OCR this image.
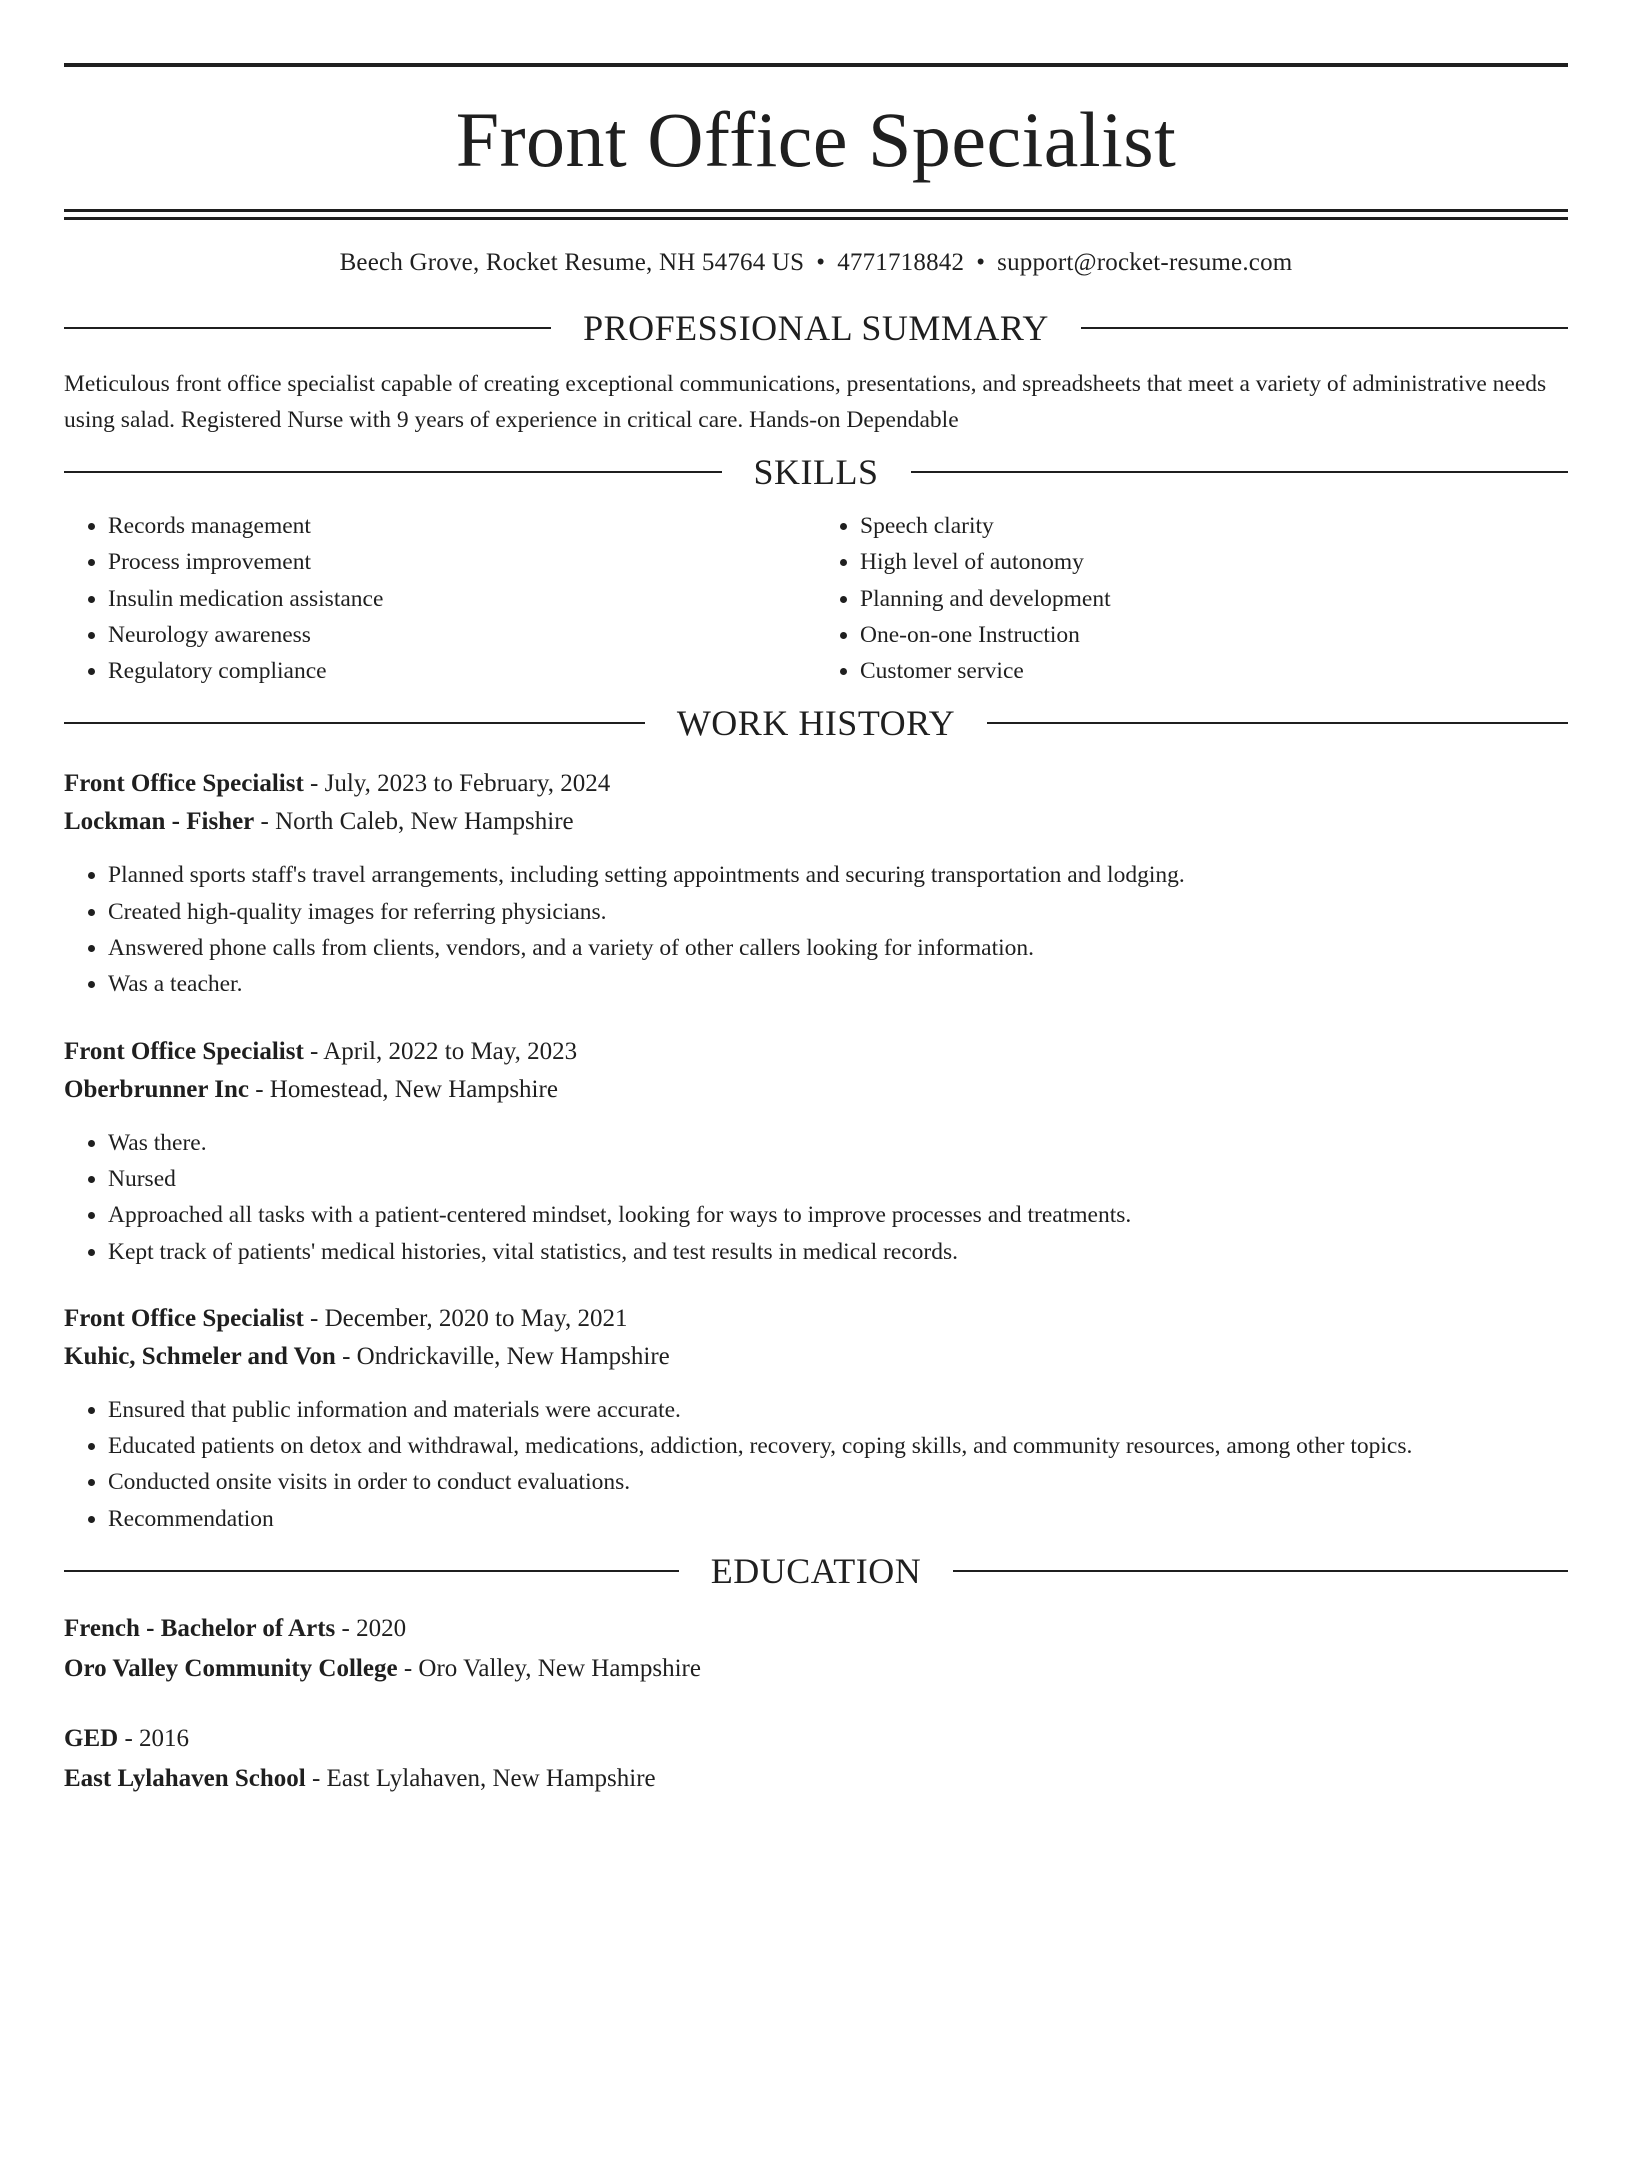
Front Office Specialist
Beech Grove, Rocket Resume, NH 54764 US • 4771718842 • support@rocket-resume.com
PROFESSIONAL SUMMARY
Meticulous front office specialist capable of creating exceptional communications, presentations, and spreadsheets that meet a variety of administrative needs using salad. Registered Nurse with 9 years of experience in critical care. Hands-on Dependable
SKILLS
• Records management
• Process improvement
• Insulin medication assistance
• Neurology awareness
• Regulatory compliance
• Speech clarity
• High level of autonomy
• Planning and development
• One-on-one Instruction
• Customer service
WORK HISTORY
Front Office Specialist - July, 2023 to February, 2024
Lockman - Fisher - North Caleb, New Hampshire
• Planned sports staff's travel arrangements, including setting appointments and securing transportation and lodging.
• Created high-quality images for referring physicians.
• Answered phone calls from clients, vendors, and a variety of other callers looking for information.
• Was a teacher.
Front Office Specialist - April, 2022 to May, 2023
Oberbrunner Inc - Homestead, New Hampshire
• Was there.
• Nursed
• Approached all tasks with a patient-centered mindset, looking for ways to improve processes and treatments.
• Kept track of patients' medical histories, vital statistics, and test results in medical records.
Front Office Specialist - December, 2020 to May, 2021
Kuhic, Schmeler and Von - Ondrickaville, New Hampshire
• Ensured that public information and materials were accurate.
• Educated patients on detox and withdrawal, medications, addiction, recovery, coping skills, and community resources, among other topics.
• Conducted onsite visits in order to conduct evaluations.
• Recommendation
EDUCATION
French - Bachelor of Arts - 2020
Oro Valley Community College - Oro Valley, New Hampshire
GED - 2016
East Lylahaven School - East Lylahaven, New Hampshire
